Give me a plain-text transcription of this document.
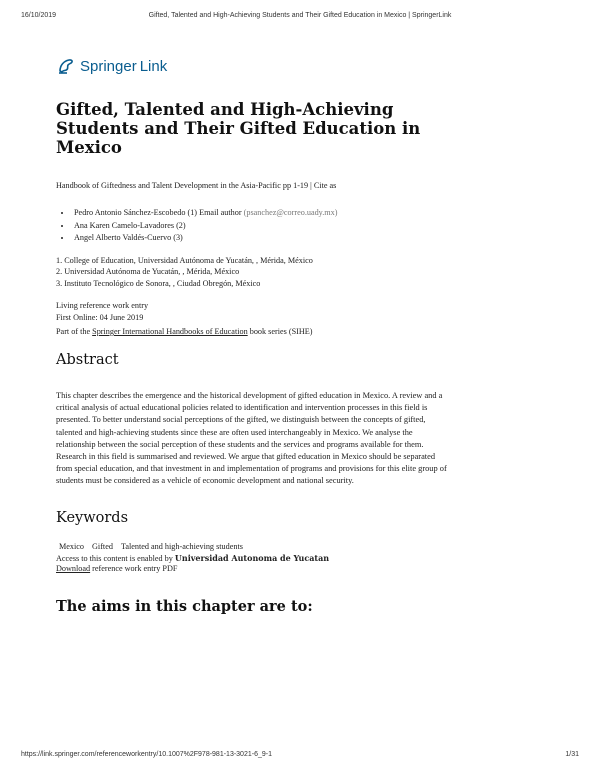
16/10/2019	Gifted, Talented and High-Achieving Students and Their Gifted Education in Mexico | SpringerLink
Springer Link
Gifted, Talented and High-Achieving Students and Their Gifted Education in Mexico
Handbook of Giftedness and Talent Development in the Asia-Pacific pp 1-19 | Cite as
• Pedro Antonio Sánchez-Escobedo (1) Email author (psanchez@correo.uady.mx)
• Ana Karen Camelo-Lavadores (2)
• Angel Alberto Valdés-Cuervo (3)
1. College of Education, Universidad Autónoma de Yucatán, , Mérida, México
2. Universidad Autónoma de Yucatán, , Mérida, México
3. Instituto Tecnológico de Sonora, , Ciudad Obregón, México
Living reference work entry
First Online: 04 June 2019
Part of the Springer International Handbooks of Education book series (SIHE)
Abstract
This chapter describes the emergence and the historical development of gifted education in Mexico. A review and a critical analysis of actual educational policies related to identification and intervention processes in this field is presented. To better understand social perceptions of the gifted, we distinguish between the concepts of gifted, talented and high-achieving students since these are often used interchangeably in Mexico. We analyse the relationship between the social perception of these students and the services and programs available for them. Research in this field is summarised and reviewed. We argue that gifted education in Mexico should be separated from special education, and that investment in and implementation of programs and provisions for this elite group of students must be considered as a vehicle of economic development and national security.
Keywords
Mexico Gifted Talented and high-achieving students
Access to this content is enabled by Universidad Autonoma de Yucatan
Download reference work entry PDF
The aims in this chapter are to:
https://link.springer.com/referenceworkentry/10.1007%2F978-981-13-3021-6_9-1	1/31
